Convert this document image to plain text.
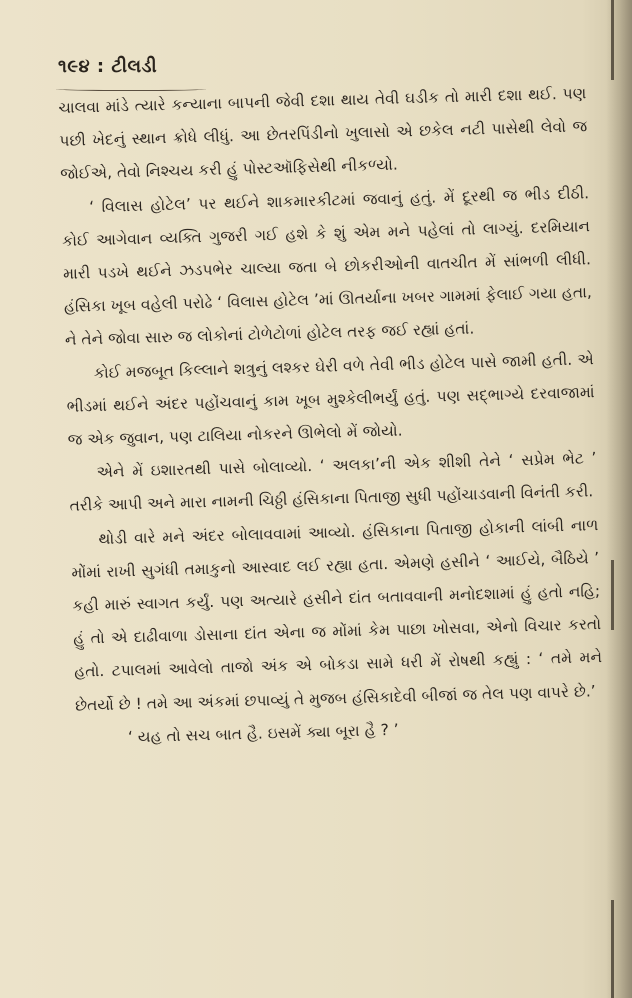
૧૯૪ : ટીલડી

ચાલવા માંડે ત્યારે કન્યાના બાપની જેવી દશા થાય તેવી ઘડીક તો મારી દશા થઈ. પણ પછી ખેદનું સ્થાન ક્રોધે લીધું. આ છેતરપિંડીનો ખુલાસો એ છકેલ નટી પાસેથી લેવો જ જોઈએ, તેવો નિશ્ચય કરી હું પોસ્ટઑફિસેથી નીકળ્યો.

‘ વિલાસ હોટેલ’ પર થઈને શાકમારકીટમાં જવાનું હતું. મેં દૂરથી જ ભીડ દીઠી. કોઈ આગેવાન વ્યક્તિ ગુજરી ગઈ હશે કે શું એમ મને પહેલાં તો લાગ્યું. દરમિયાન મારી પડખે થઈને ઝડપભેર ચાલ્યા જતા બે છોકરીઓની વાતચીત મેં સાંભળી લીધી. હંસિકા ખૂબ વહેલી પરોઢે ‘ વિલાસ હોટેલ ’માં ઊતર્યાના ખબર ગામમાં ફેલાઈ ગયા હતા, ને તેને જોવા સારુ જ લોકોનાં ટોળેટોળાં હોટેલ તરફ જઈ રહ્યાં હતાં.

કોઈ મજબૂત કિલ્લાને શત્રુનું લશ્કર ઘેરી વળે તેવી ભીડ હોટેલ પાસે જામી હતી. એ ભીડમાં થઈને અંદર પહોંચવાનું કામ ખૂબ મુશ્કેલીભર્યું હતું. પણ સદ્‌ભાગ્યે દરવાજામાં જ એક જુવાન, પણ ટાલિયા નોકરને ઊભેલો મેં જોયો.

એને મેં ઇશારતથી પાસે બોલાવ્યો. ‘ અલકા’ની એક શીશી તેને ‘ સપ્રેમ ભેટ ’ તરીકે આપી અને મારા નામની ચિઠ્ઠી હંસિકાના પિતાજી સુધી પહોંચાડવાની વિનંતી કરી.

થોડી વારે મને અંદર બોલાવવામાં આવ્યો. હંસિકાના પિતાજી હોકાની લાંબી નાળ મોંમાં રાખી સુગંધી તમાકુનો આસ્વાદ લઈ રહ્યા હતા. એમણે હસીને ‘ આઈયે, બૈઠિયે ’ કહી મારું સ્વાગત કર્યું. પણ અત્યારે હસીને દાંત બતાવવાની મનોદશામાં હું હતો નહિ; હું તો એ દાઢીવાળા ડોસાના દાંત એના જ મોંમાં કેમ પાછા ખોસવા, એનો વિચાર કરતો હતો. ટપાલમાં આવેલો તાજો અંક એ બોકડા સામે ધરી મેં રોષથી કહ્યું : ‘ તમે મને છેતર્યો છે ! તમે આ અંકમાં છપાવ્યું તે મુજબ હંસિકાદેવી બીજાં જ તેલ પણ વાપરે છે.’

‘ યહ તો સચ બાત હૈ. ઇસમેં ક્યા બૂરા હૈ ? ’
